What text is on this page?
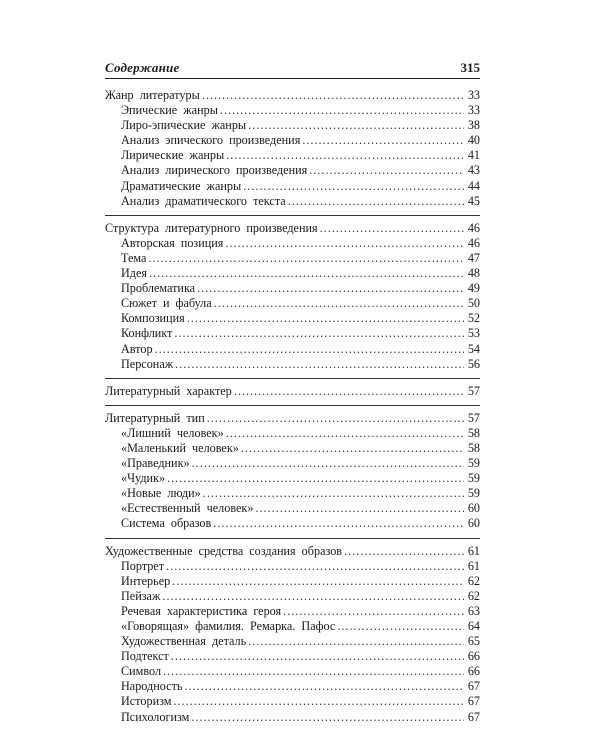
Содержание	315
Жанр литературы .....	33
Эпические жанры .....	33
Лиро-эпические жанры .....	38
Анализ эпического произведения .....	40
Лирические жанры .....	41
Анализ лирического произведения .....	43
Драматические жанры .....	44
Анализ драматического текста .....	45
Структура литературного произведения .....	46
Авторская позиция .....	46
Тема .....	47
Идея .....	48
Проблематика .....	49
Сюжет и фабула .....	50
Композиция .....	52
Конфликт .....	53
Автор .....	54
Персонаж .....	56
Литературный характер .....	57
Литературный тип .....	57
«Лишний человек» .....	58
«Маленький человек» .....	58
«Праведник» .....	59
«Чудик» .....	59
«Новые люди» .....	59
«Естественный человек» .....	60
Система образов .....	60
Художественные средства создания образов .....	61
Портрет .....	61
Интерьер .....	62
Пейзаж .....	62
Речевая характеристика героя .....	63
«Говорящая» фамилия. Ремарка. Пафос .....	64
Художественная деталь .....	65
Подтекст .....	66
Символ .....	66
Народность .....	67
Историзм .....	67
Психологизм .....	67
